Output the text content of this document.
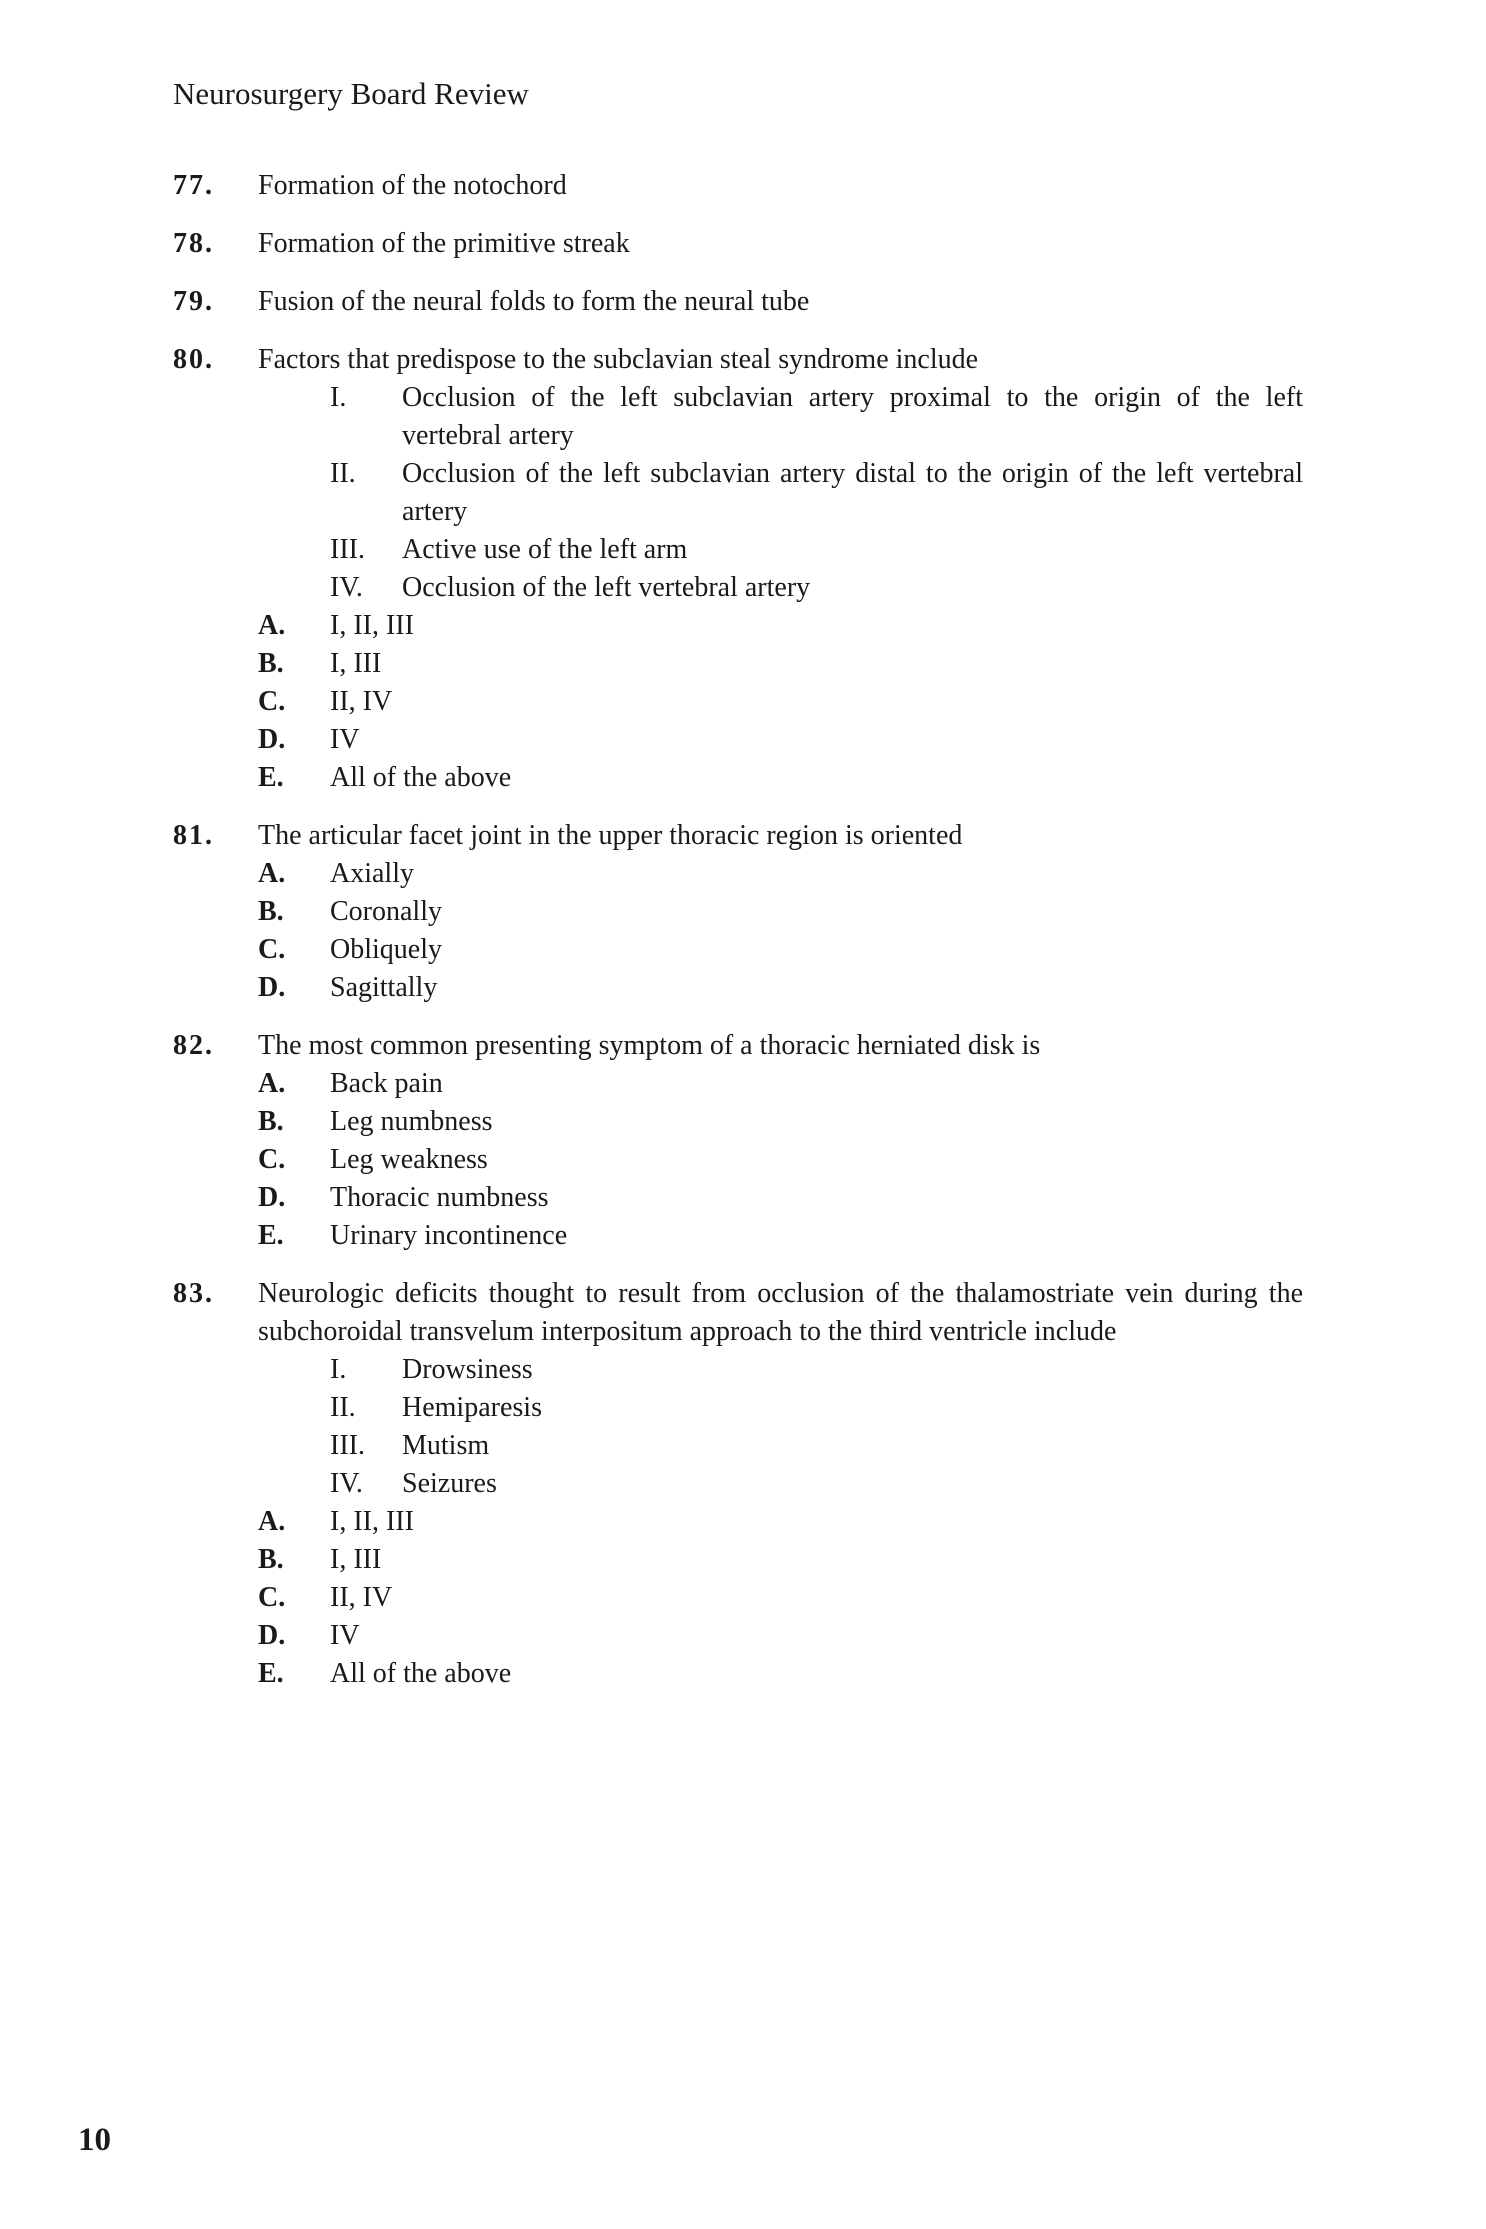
Neurosurgery Board Review
77.	Formation of the notochord
78.	Formation of the primitive streak
79.	Fusion of the neural folds to form the neural tube
80.	Factors that predispose to the subclavian steal syndrome include
I.	Occlusion of the left subclavian artery proximal to the origin of the left vertebral artery
II.	Occlusion of the left subclavian artery distal to the origin of the left vertebral artery
III.	Active use of the left arm
IV.	Occlusion of the left vertebral artery
A.	I, II, III
B.	I, III
C.	II, IV
D.	IV
E.	All of the above
81.	The articular facet joint in the upper thoracic region is oriented
A.	Axially
B.	Coronally
C.	Obliquely
D.	Sagittally
82.	The most common presenting symptom of a thoracic herniated disk is
A.	Back pain
B.	Leg numbness
C.	Leg weakness
D.	Thoracic numbness
E.	Urinary incontinence
83.	Neurologic deficits thought to result from occlusion of the thalamostriate vein during the subchoroidal transvelum interpositum approach to the third ventricle include
I.	Drowsiness
II.	Hemiparesis
III.	Mutism
IV.	Seizures
A.	I, II, III
B.	I, III
C.	II, IV
D.	IV
E.	All of the above
10
